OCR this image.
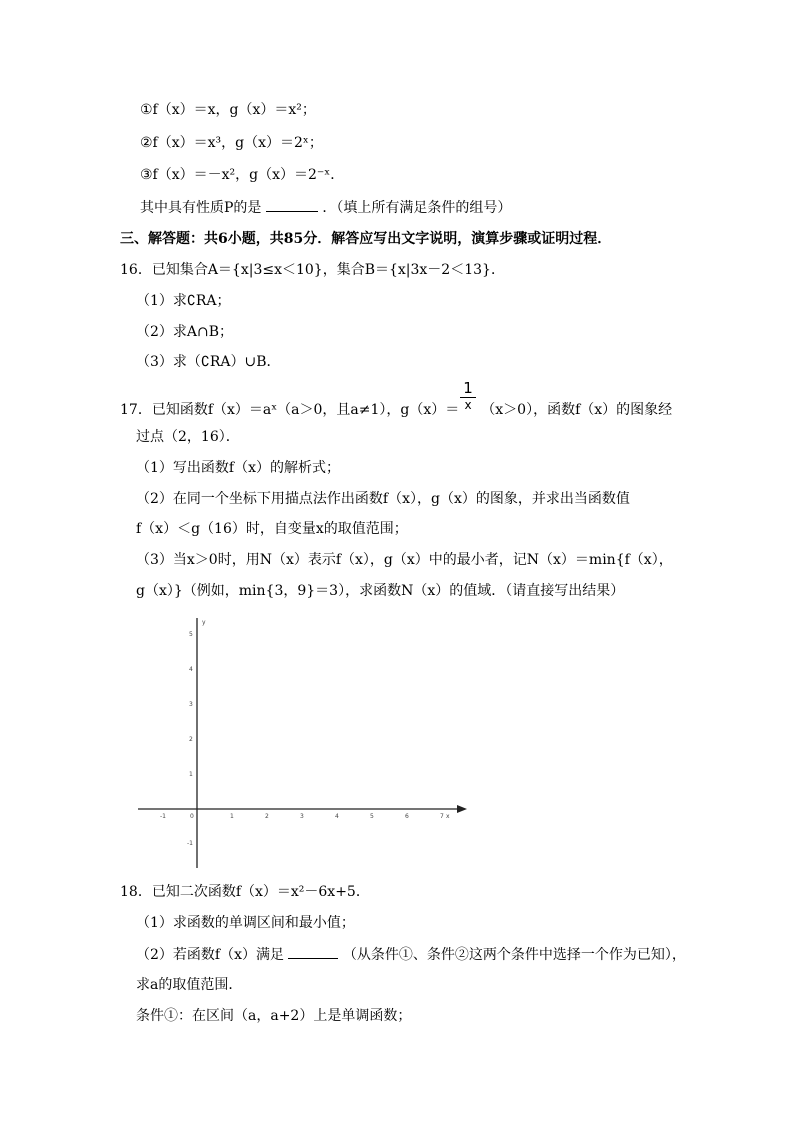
①f（x）＝x，g（x）＝x²；
②f（x）＝x³，g（x）＝2ˣ；
③f（x）＝－x²，g（x）＝2⁻ˣ．
其中具有性质P的是	．（填上所有满足条件的组号）
三、解答题：共6小题，共85分．解答应写出文字说明，演算步骤或证明过程．
16．已知集合A＝{x|3≤x＜10}，集合B＝{x|3x－2＜13}．
（1）求∁RA；
（2）求A∩B；
（3）求（∁RA）∪B．
17．已知函数f（x）＝aˣ（a＞0，且a≠1），g（x）＝ （x＞0），函数f（x）的图象经
1
x
过点（2，16）．
（1）写出函数f（x）的解析式；
（2）在同一个坐标下用描点法作出函数f（x），g（x）的图象，并求出当函数值
f（x）＜g（16）时，自变量x的取值范围；
（3）当x＞0时，用N（x）表示f（x），g（x）中的最小者，记N（x）＝min{f（x），
g（x）}（例如，min{3，9}＝3），求函数N（x）的值域．（请直接写出结果）
y
x
-1	0	1	2	3	4	5	6	7
5
4
3
2
1
-1
18．已知二次函数f（x）＝x²－6x+5．
（1）求函数的单调区间和最小值；
（2）若函数f（x）满足	（从条件①、条件②这两个条件中选择一个作为已知），
求a的取值范围．
条件①：在区间（a，a+2）上是单调函数；
